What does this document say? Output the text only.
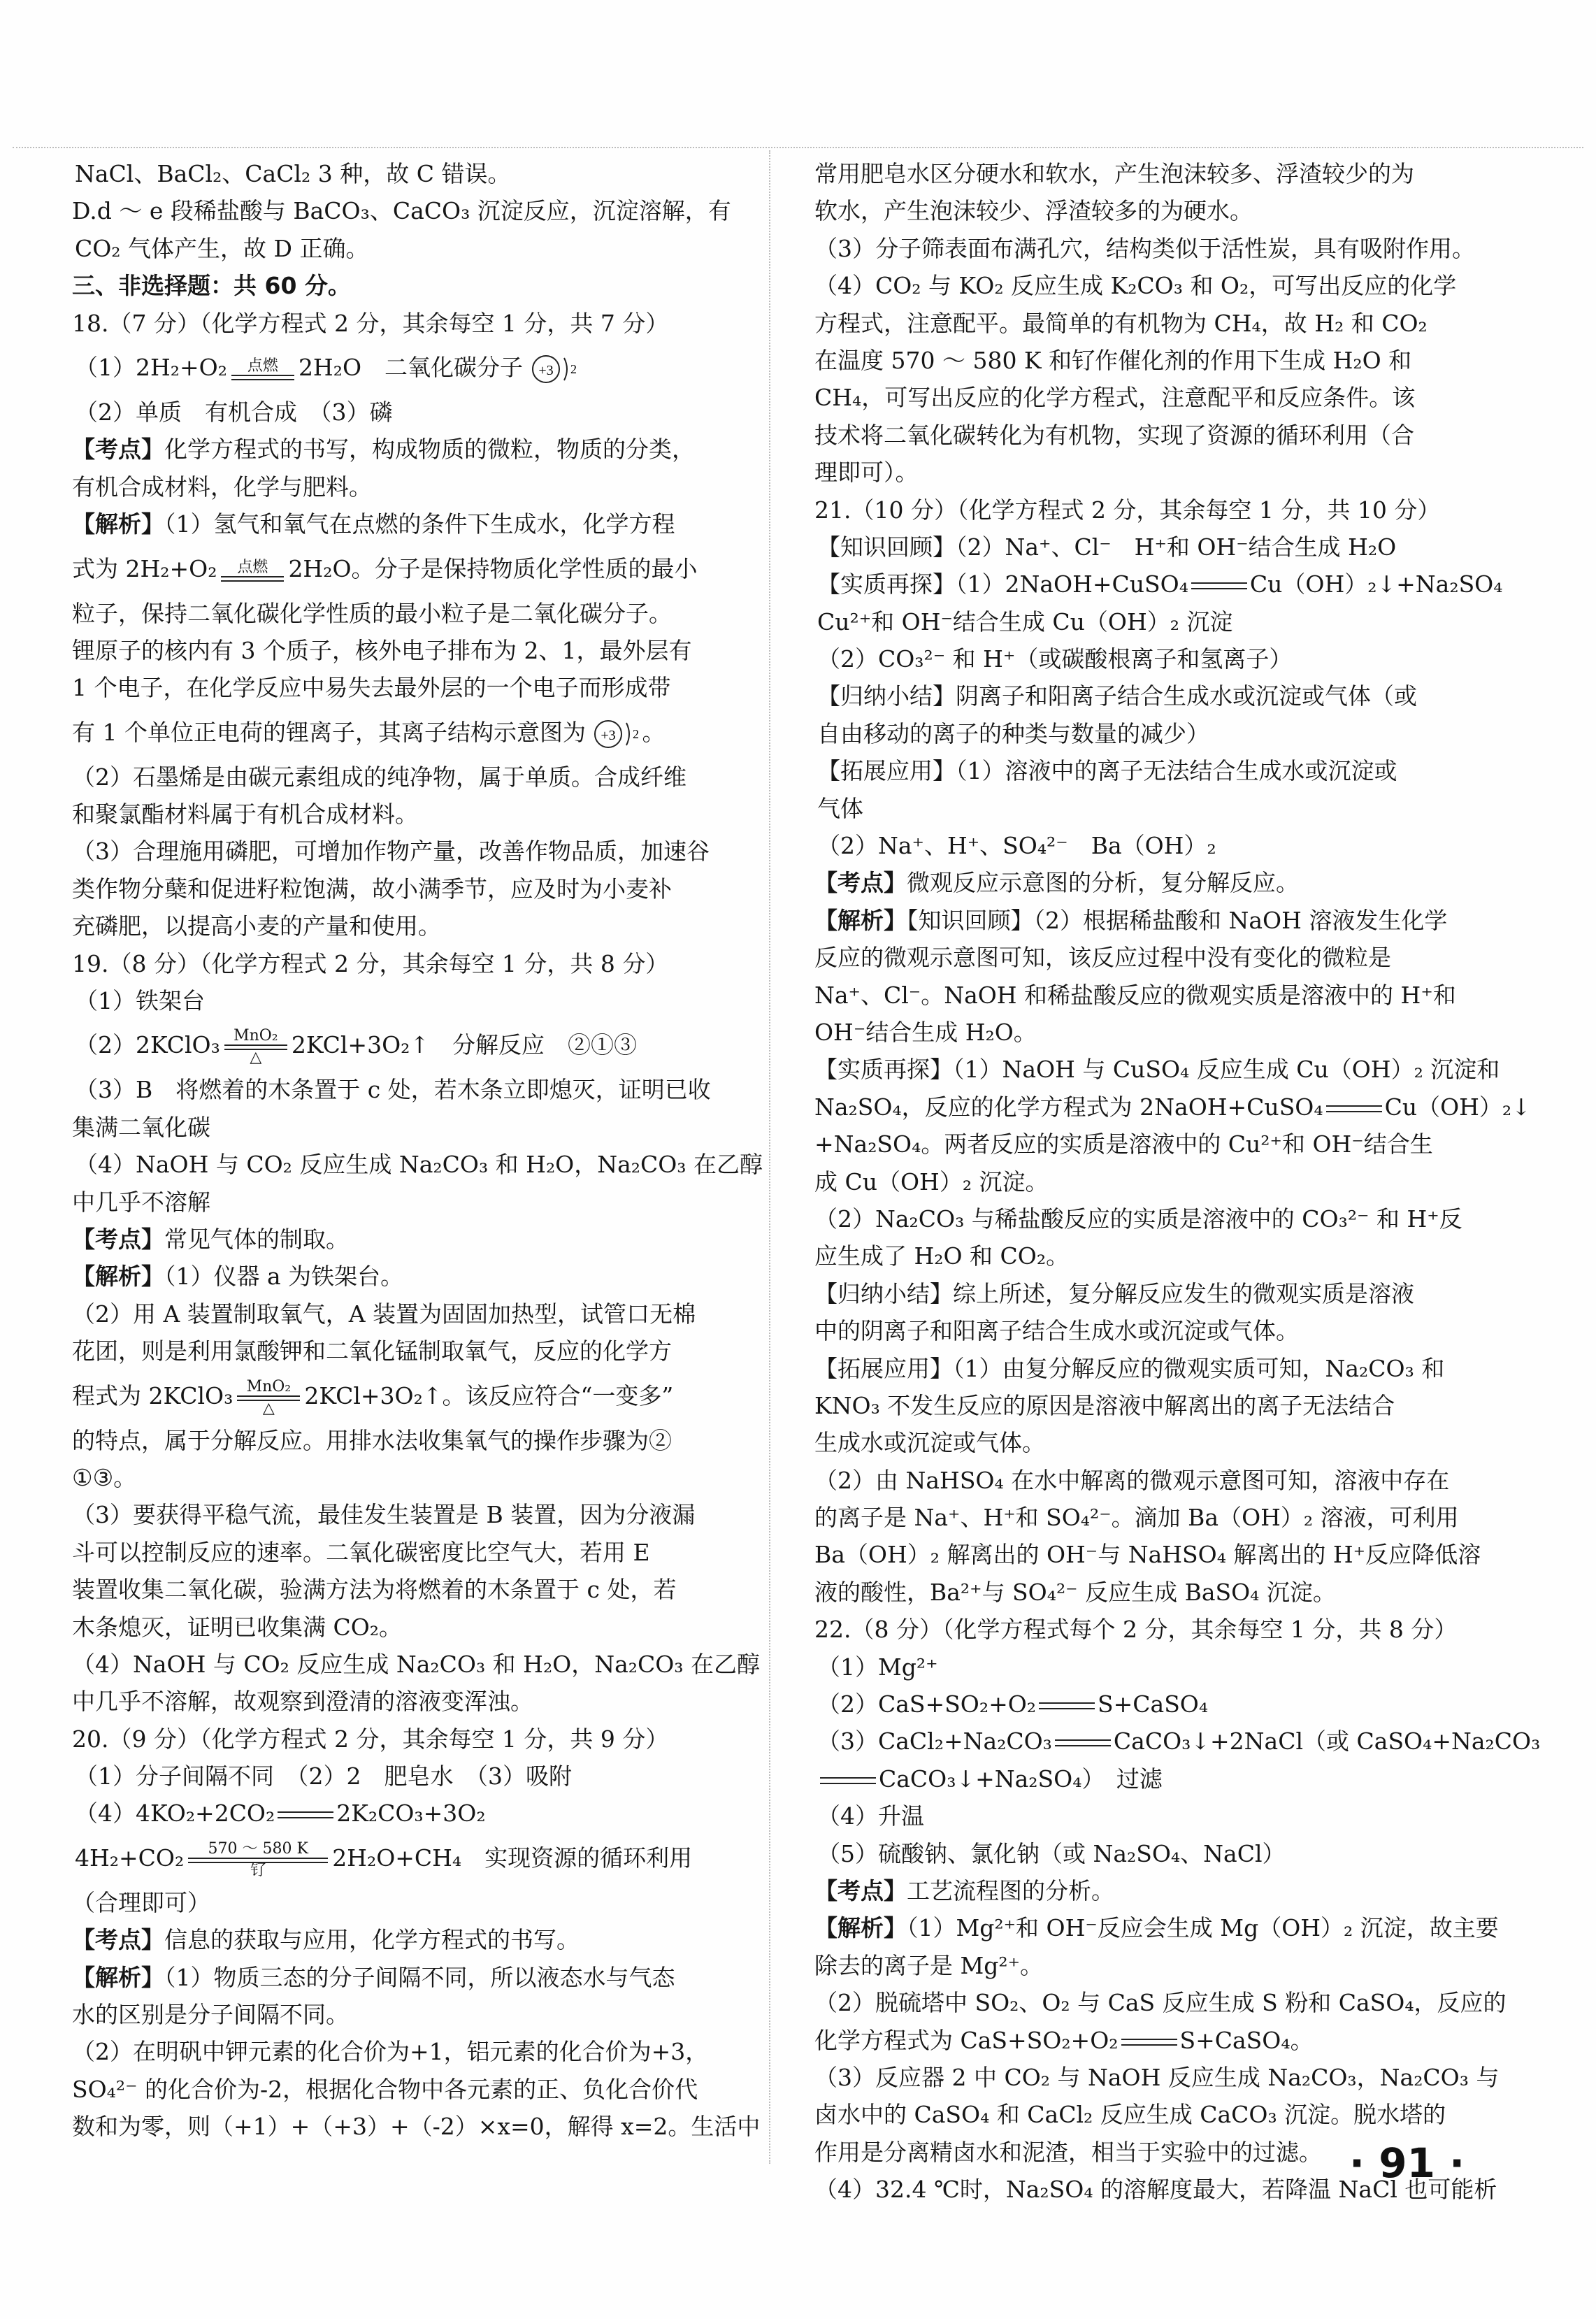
NaCl、BaCl₂、CaCl₂ 3 种，故 C 错误。
D.d ～ e 段稀盐酸与 BaCO₃、CaCO₃ 沉淀反应，沉淀溶解，有
CO₂ 气体产生，故 D 正确。
三、非选择题：共 60 分。
18.（7 分）（化学方程式 2 分，其余每空 1 分，共 7 分）
（1）2H₂+O₂	点燃 2H₂O　二氧化碳分子 +3 2
（2）单质　有机合成　（3）磷
【考点】化学方程式的书写，构成物质的微粒，物质的分类，
有机合成材料，化学与肥料。
【解析】（1）氢气和氧气在点燃的条件下生成水，化学方程
式为 2H₂+O₂	点燃 2H₂O。分子是保持物质化学性质的最小
粒子，保持二氧化碳化学性质的最小粒子是二氧化碳分子。
锂原子的核内有 3 个质子，核外电子排布为 2、1，最外层有
1 个电子，在化学反应中易失去最外层的一个电子而形成带
有 1 个单位正电荷的锂离子，其离子结构示意图为 +3 2 。
（2）石墨烯是由碳元素组成的纯净物，属于单质。合成纤维
和聚氯酯材料属于有机合成材料。
（3）合理施用磷肥，可增加作物产量，改善作物品质，加速谷
类作物分蘖和促进籽粒饱满，故小满季节，应及时为小麦补
充磷肥，以提高小麦的产量和使用。
19.（8 分）（化学方程式 2 分，其余每空 1 分，共 8 分）
（1）铁架台
（2）2KClO₃ MnO₂
△	2KCl+3O₂↑　分解反应　②①③
（3）B　将燃着的木条置于 c 处，若木条立即熄灭，证明已收
集满二氧化碳
（4）NaOH 与 CO₂ 反应生成 Na₂CO₃ 和 H₂O，Na₂CO₃ 在乙醇
中几乎不溶解
【考点】常见气体的制取。
【解析】（1）仪器 a 为铁架台。
（2）用 A 装置制取氧气，A 装置为固固加热型，试管口无棉
花团，则是利用氯酸钾和二氧化锰制取氧气，反应的化学方
程式为 2KClO₃ MnO₂
△	2KCl+3O₂↑。该反应符合“一变多”
的特点，属于分解反应。用排水法收集氧气的操作步骤为②
①③。
（3）要获得平稳气流，最佳发生装置是 B 装置，因为分液漏
斗可以控制反应的速率。二氧化碳密度比空气大，若用 E
装置收集二氧化碳，验满方法为将燃着的木条置于 c 处，若
木条熄灭，证明已收集满 CO₂。
（4）NaOH 与 CO₂ 反应生成 Na₂CO₃ 和 H₂O，Na₂CO₃ 在乙醇
中几乎不溶解，故观察到澄清的溶液变浑浊。
20.（9 分）（化学方程式 2 分，其余每空 1 分，共 9 分）
（1）分子间隔不同　（2）2　肥皂水　（3）吸附
（4）4KO₂+2CO₂	2K₂CO₃+3O₂
4H₂+CO₂	570 ～ 580 K
钌	2H₂O+CH₄　实现资源的循环利用
（合理即可）
【考点】信息的获取与应用，化学方程式的书写。
【解析】（1）物质三态的分子间隔不同，所以液态水与气态
水的区别是分子间隔不同。
（2）在明矾中钾元素的化合价为+1，铝元素的化合价为+3，
SO₄²⁻ 的化合价为-2，根据化合物中各元素的正、负化合价代
数和为零，则（+1）+（+3）+（-2）×x=0，解得 x=2。生活中
常用肥皂水区分硬水和软水，产生泡沫较多、浮渣较少的为
软水，产生泡沫较少、浮渣较多的为硬水。
（3）分子筛表面布满孔穴，结构类似于活性炭，具有吸附作用。
（4）CO₂ 与 KO₂ 反应生成 K₂CO₃ 和 O₂，可写出反应的化学
方程式，注意配平。最简单的有机物为 CH₄，故 H₂ 和 CO₂
在温度 570 ～ 580 K 和钌作催化剂的作用下生成 H₂O 和
CH₄，可写出反应的化学方程式，注意配平和反应条件。该
技术将二氧化碳转化为有机物，实现了资源的循环利用（合
理即可）。
21.（10 分）（化学方程式 2 分，其余每空 1 分，共 10 分）
【知识回顾】（2）Na⁺、Cl⁻　H⁺和 OH⁻结合生成 H₂O
【实质再探】（1）2NaOH+CuSO₄	Cu（OH）₂↓+Na₂SO₄
Cu²⁺和 OH⁻结合生成 Cu（OH）₂ 沉淀
（2）CO₃²⁻ 和 H⁺（或碳酸根离子和氢离子）
【归纳小结】阴离子和阳离子结合生成水或沉淀或气体（或
自由移动的离子的种类与数量的减少）
【拓展应用】（1）溶液中的离子无法结合生成水或沉淀或
气体
（2）Na⁺、H⁺、SO₄²⁻　Ba（OH）₂
【考点】微观反应示意图的分析，复分解反应。
【解析】【知识回顾】（2）根据稀盐酸和 NaOH 溶液发生化学
反应的微观示意图可知，该反应过程中没有变化的微粒是
Na⁺、Cl⁻。NaOH 和稀盐酸反应的微观实质是溶液中的 H⁺和
OH⁻结合生成 H₂O。
【实质再探】（1）NaOH 与 CuSO₄ 反应生成 Cu（OH）₂ 沉淀和
Na₂SO₄，反应的化学方程式为 2NaOH+CuSO₄	Cu（OH）₂↓
+Na₂SO₄。两者反应的实质是溶液中的 Cu²⁺和 OH⁻结合生
成 Cu（OH）₂ 沉淀。
（2）Na₂CO₃ 与稀盐酸反应的实质是溶液中的 CO₃²⁻ 和 H⁺反
应生成了 H₂O 和 CO₂。
【归纳小结】综上所述，复分解反应发生的微观实质是溶液
中的阴离子和阳离子结合生成水或沉淀或气体。
【拓展应用】（1）由复分解反应的微观实质可知，Na₂CO₃ 和
KNO₃ 不发生反应的原因是溶液中解离出的离子无法结合
生成水或沉淀或气体。
（2）由 NaHSO₄ 在水中解离的微观示意图可知，溶液中存在
的离子是 Na⁺、H⁺和 SO₄²⁻。滴加 Ba（OH）₂ 溶液，可利用
Ba（OH）₂ 解离出的 OH⁻与 NaHSO₄ 解离出的 H⁺反应降低溶
液的酸性，Ba²⁺与 SO₄²⁻ 反应生成 BaSO₄ 沉淀。
22.（8 分）（化学方程式每个 2 分，其余每空 1 分，共 8 分）
（1）Mg²⁺
（2）CaS+SO₂+O₂	S+CaSO₄
（3）CaCl₂+Na₂CO₃	CaCO₃↓+2NaCl（或 CaSO₄+Na₂CO₃
CaCO₃↓+Na₂SO₄）　过滤
（4）升温
（5）硫酸钠、氯化钠（或 Na₂SO₄、NaCl）
【考点】工艺流程图的分析。
【解析】（1）Mg²⁺和 OH⁻反应会生成 Mg（OH）₂ 沉淀，故主要
除去的离子是 Mg²⁺。
（2）脱硫塔中 SO₂、O₂ 与 CaS 反应生成 S 粉和 CaSO₄，反应的
化学方程式为 CaS+SO₂+O₂	S+CaSO₄。
（3）反应器 2 中 CO₂ 与 NaOH 反应生成 Na₂CO₃，Na₂CO₃ 与
卤水中的 CaSO₄ 和 CaCl₂ 反应生成 CaCO₃ 沉淀。脱水塔的
作用是分离精卤水和泥渣，相当于实验中的过滤。
（4）32.4 ℃时，Na₂SO₄ 的溶解度最大，若降温 NaCl 也可能析
· 91 ·
